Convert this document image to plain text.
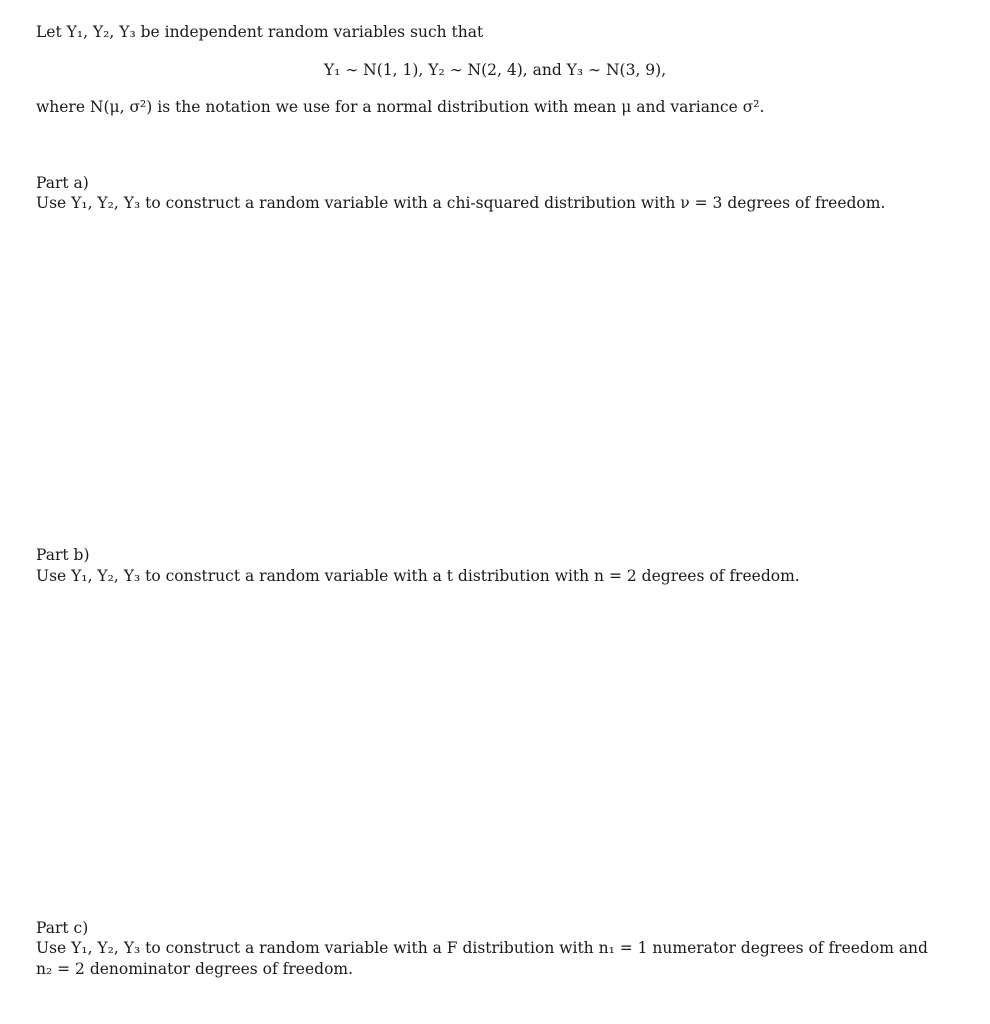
Let Y₁, Y₂, Y₃ be independent random variables such that
Y₁ ∼ N(1, 1), Y₂ ∼ N(2, 4), and Y₃ ∼ N(3, 9),
where N(μ, σ²) is the notation we use for a normal distribution with mean μ and variance σ².
Part a)
Use Y₁, Y₂, Y₃ to construct a random variable with a chi-squared distribution with ν = 3 degrees of freedom.
Part b)
Use Y₁, Y₂, Y₃ to construct a random variable with a t distribution with n = 2 degrees of freedom.
Part c)
Use Y₁, Y₂, Y₃ to construct a random variable with a F distribution with n₁ = 1 numerator degrees of freedom and
n₂ = 2 denominator degrees of freedom.
